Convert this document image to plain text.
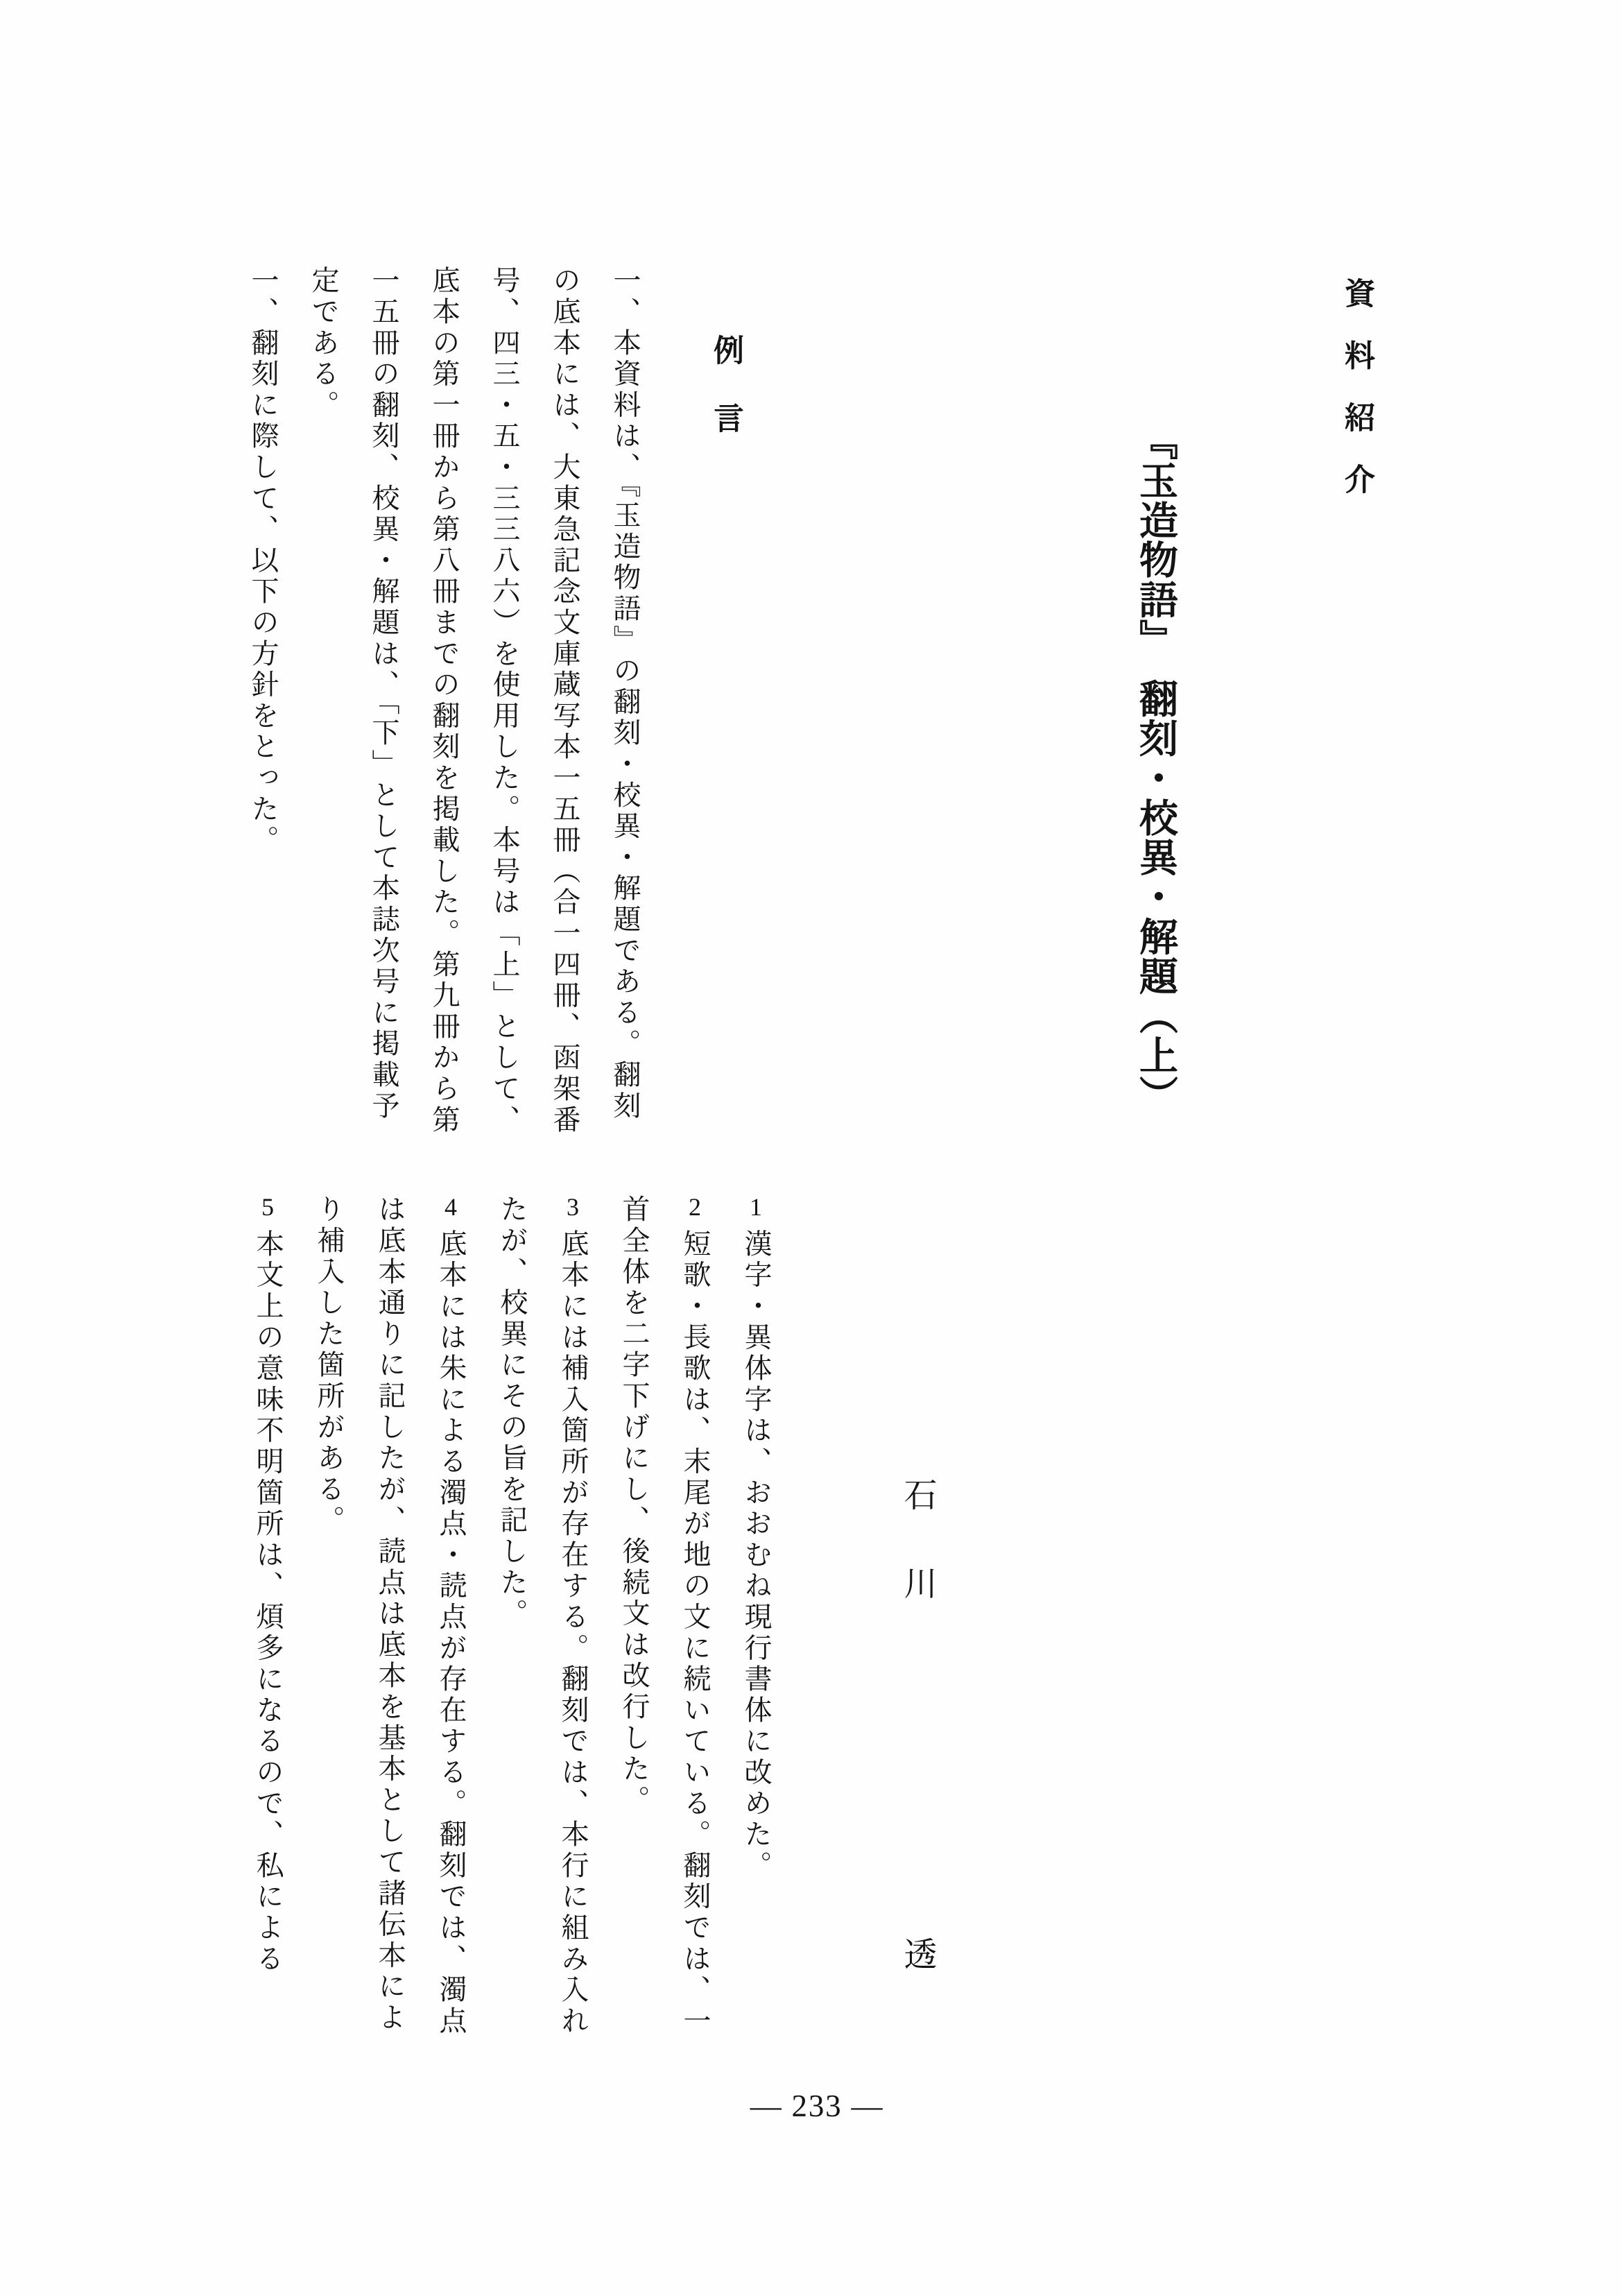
資料紹介
『玉造物語』　翻刻・校異・解題（上）
石川
透
例言

一、本資料は、『玉造物語』の翻刻・校異・解題である。翻刻の底本には、大東急記念文庫蔵写本一五冊（合一四冊、函架番号、四三・五・三三八六）を使用した。本号は「上」として、底本の第一冊から第八冊までの翻刻を掲載した。第九冊から第一五冊の翻刻、校異・解題は、「下」として本誌次号に掲載予定である。

一、翻刻に際して、以下の方針をとった。

1漢字・異体字は、おおむね現行書体に改めた。

2短歌・長歌は、末尾が地の文に続いている。翻刻では、一首全体を二字下げにし、後続文は改行した。

3底本には補入箇所が存在する。翻刻では、本行に組み入れたが、校異にその旨を記した。

4底本には朱による濁点・読点が存在する。翻刻では、濁点は底本通りに記したが、読点は底本を基本として諸伝本により補入した箇所がある。

5本文上の意味不明箇所は、煩多になるので、私による

— 233 —
